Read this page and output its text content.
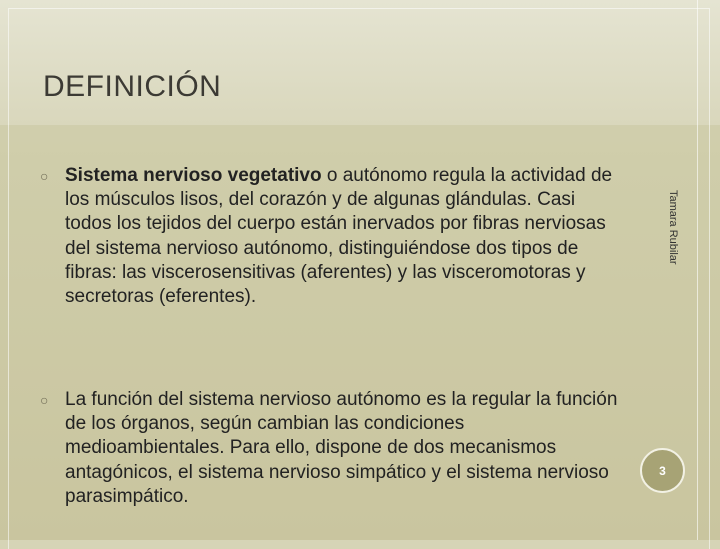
DEFINICIÓN
○ Sistema nervioso vegetativo o autónomo regula la actividad de los músculos lisos, del corazón y de algunas glándulas. Casi todos los tejidos del cuerpo están inervados por fibras nerviosas del sistema nervioso autónomo, distinguiéndose dos tipos de fibras: las viscerosensitivas (aferentes) y las visceromotoras y secretoras (eferentes).

○ La función del sistema nervioso autónomo es la regular la función de los órganos, según cambian las condiciones medioambientales. Para ello, dispone de dos mecanismos antagónicos, el sistema nervioso simpático y el sistema nervioso parasimpático.

Tamara Rubilar
3
